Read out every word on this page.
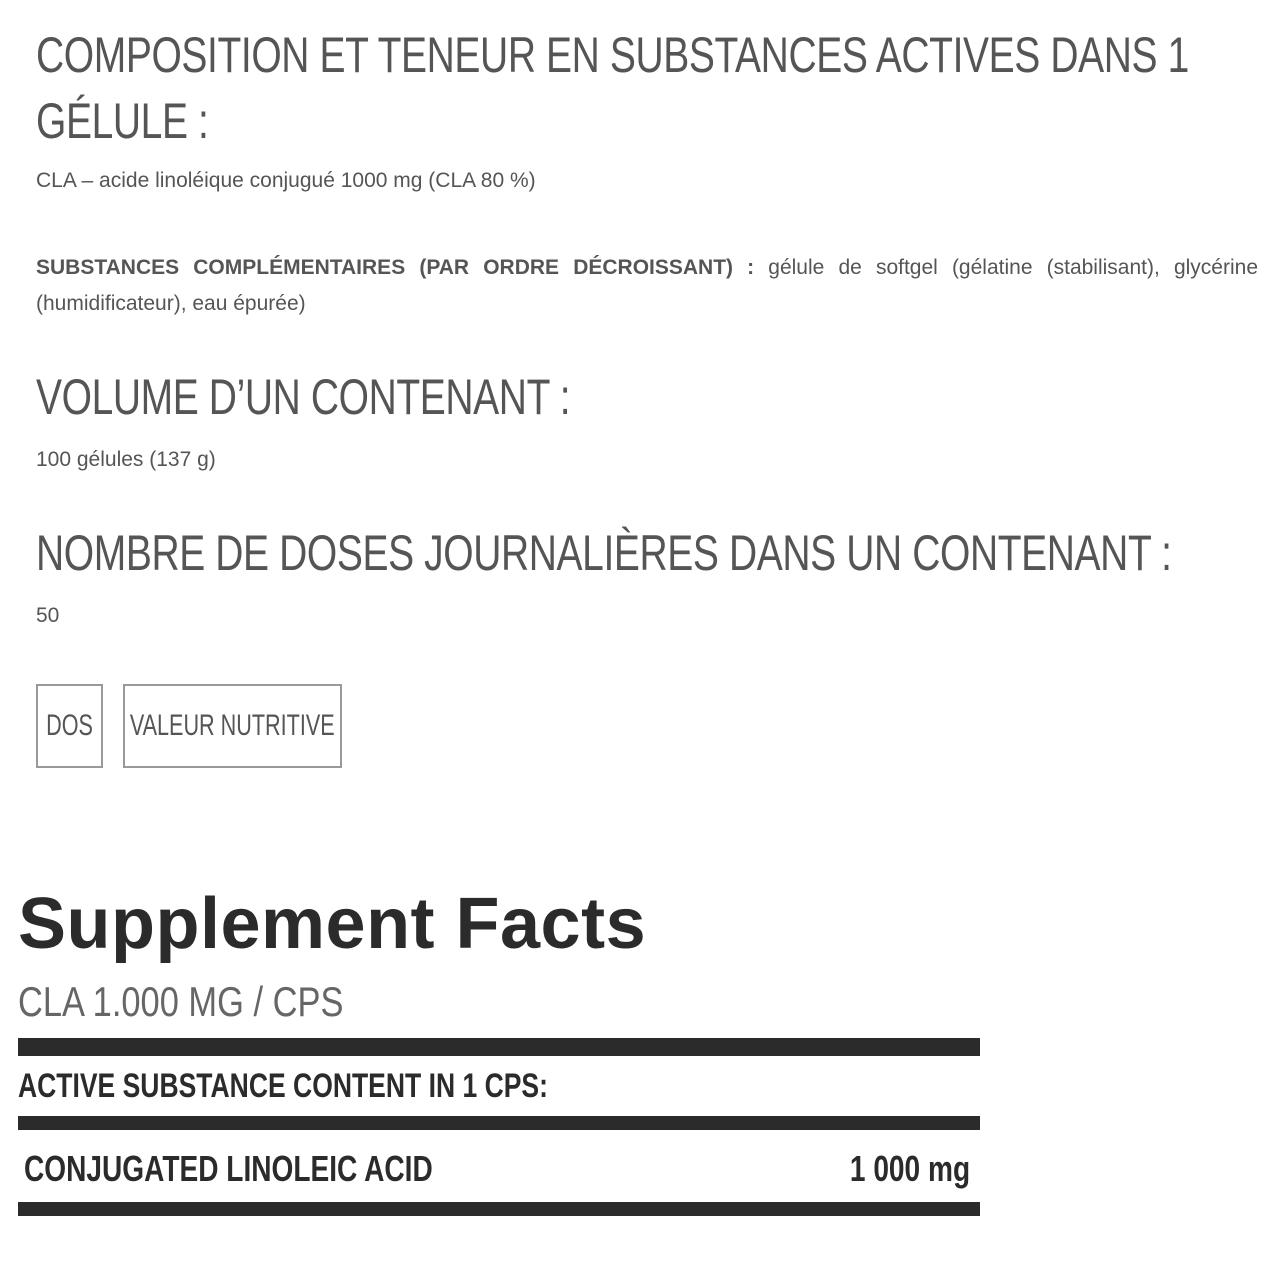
COMPOSITION ET TENEUR EN SUBSTANCES ACTIVES DANS 1 GÉLULE :

CLA – acide linoléique conjugué 1000 mg (CLA 80 %)

SUBSTANCES COMPLÉMENTAIRES (PAR ORDRE DÉCROISSANT) : gélule de softgel (gélatine (stabilisant), glycérine (humidificateur), eau épurée)

VOLUME D’UN CONTENANT :

100 gélules (137 g)

NOMBRE DE DOSES JOURNALIÈRES DANS UN CONTENANT :

50

DOS VALEUR NUTRITIVE
Supplement Facts
CLA 1.000 MG / CPS
ACTIVE SUBSTANCE CONTENT IN 1 CPS:
CONJUGATED LINOLEIC ACID	1 000 mg
